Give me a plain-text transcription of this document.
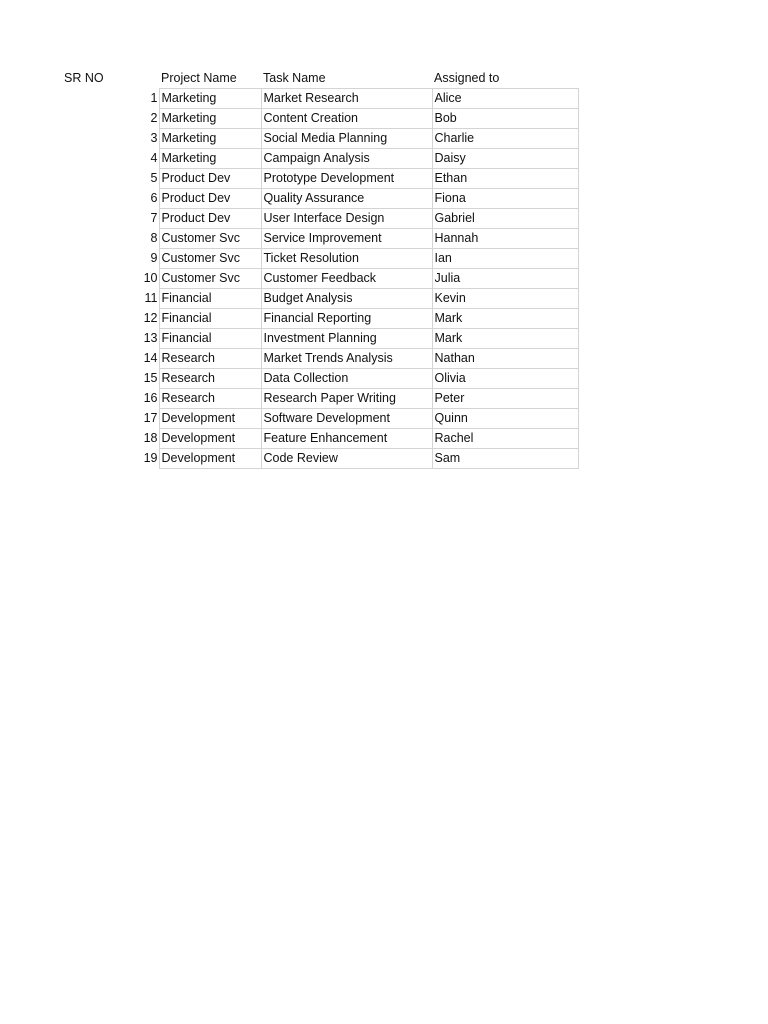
SR NO	Project Name	Task Name	Assigned to
1	Marketing	Market Research	Alice
2	Marketing	Content Creation	Bob
3	Marketing	Social Media Planning	Charlie
4	Marketing	Campaign Analysis	Daisy
5	Product Dev	Prototype Development	Ethan
6	Product Dev	Quality Assurance	Fiona
7	Product Dev	User Interface Design	Gabriel
8	Customer Svc	Service Improvement	Hannah
9	Customer Svc	Ticket Resolution	Ian
10	Customer Svc	Customer Feedback	Julia
11	Financial	Budget Analysis	Kevin
12	Financial	Financial Reporting	Mark
13	Financial	Investment Planning	Mark
14	Research	Market Trends Analysis	Nathan
15	Research	Data Collection	Olivia
16	Research	Research Paper Writing	Peter
17	Development	Software Development	Quinn
18	Development	Feature Enhancement	Rachel
19	Development	Code Review	Sam
